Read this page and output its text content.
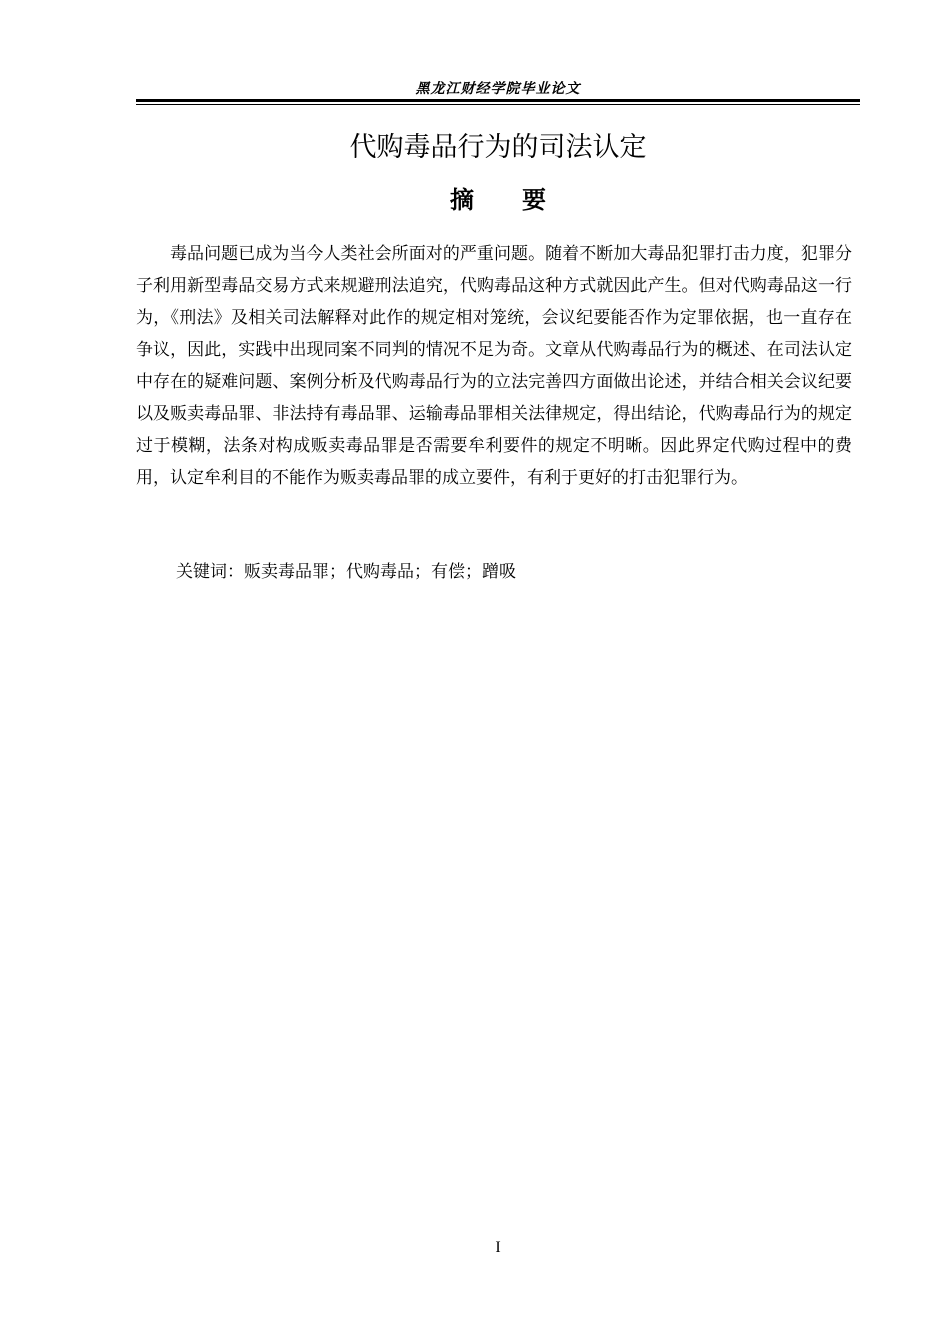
黑龙江财经学院毕业论文
代购毒品行为的司法认定
摘 要
毒品问题已成为当今人类社会所面对的严重问题。随着不断加大毒品犯罪打击力度，犯罪分子利用新型毒品交易方式来规避刑法追究，代购毒品这种方式就因此产生。但对代购毒品这一行为，《刑法》及相关司法解释对此作的规定相对笼统，会议纪要能否作为定罪依据，也一直存在争议，因此，实践中出现同案不同判的情况不足为奇。文章从代购毒品行为的概述、在司法认定中存在的疑难问题、案例分析及代购毒品行为的立法完善四方面做出论述，并结合相关会议纪要以及贩卖毒品罪、非法持有毒品罪、运输毒品罪相关法律规定，得出结论，代购毒品行为的规定过于模糊，法条对构成贩卖毒品罪是否需要牟利要件的规定不明晰。因此界定代购过程中的费用，认定牟利目的不能作为贩卖毒品罪的成立要件，有利于更好的打击犯罪行为。
关键词：贩卖毒品罪；代购毒品；有偿；蹭吸
I
